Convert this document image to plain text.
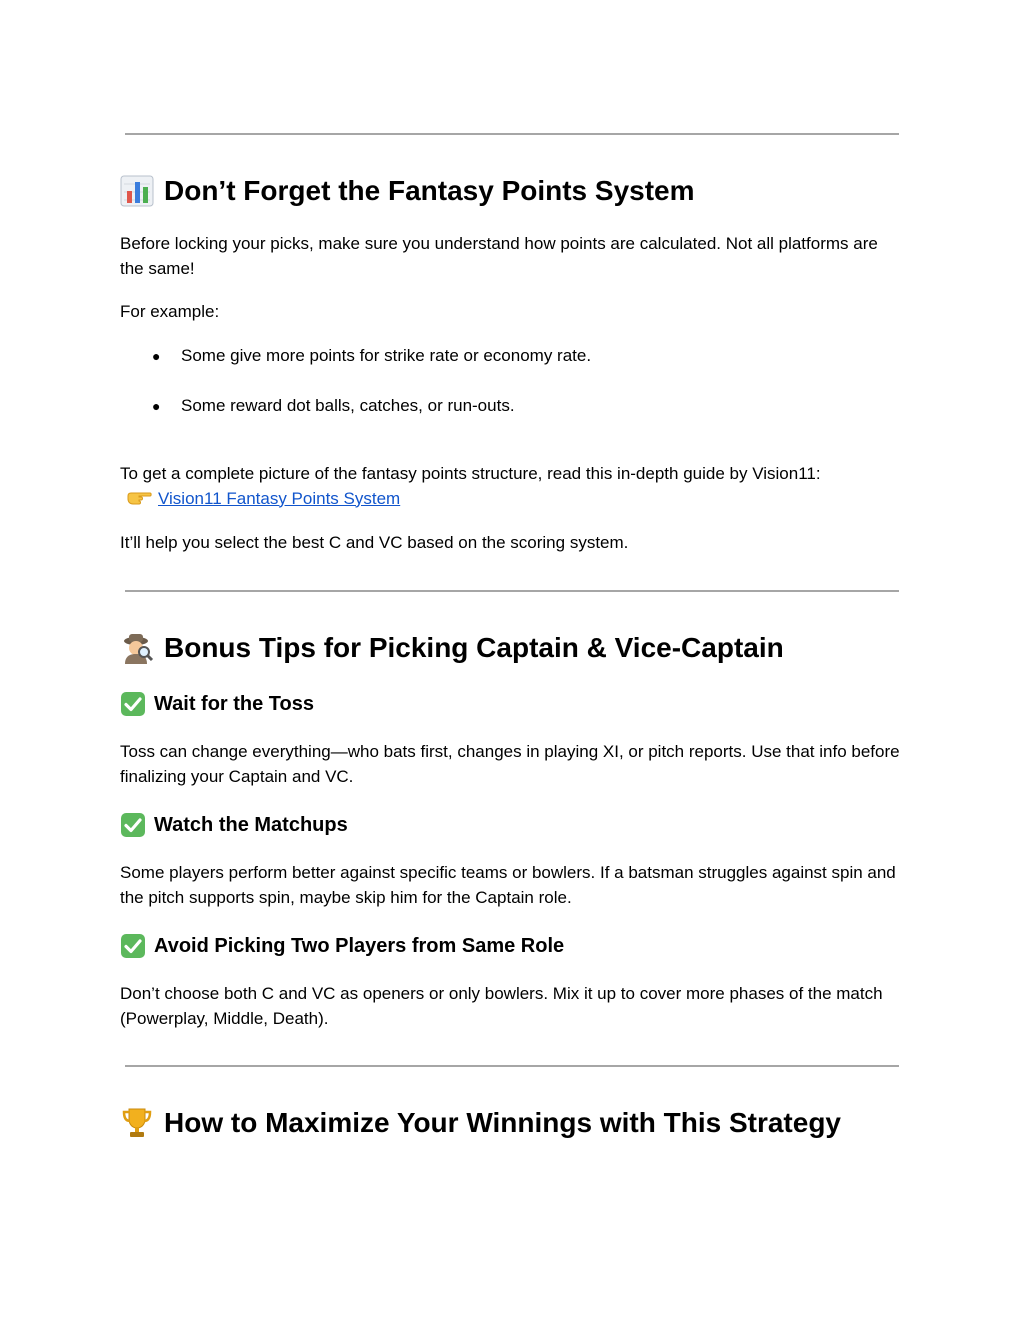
Don’t Forget the Fantasy Points System

Before locking your picks, make sure you understand how points are calculated. Not all platforms are the same!

For example:

● Some give more points for strike rate or economy rate.

● Some reward dot balls, catches, or run-outs.

To get a complete picture of the fantasy points structure, read this in-depth guide by Vision11:
Vision11 Fantasy Points System

It’ll help you select the best C and VC based on the scoring system.

Bonus Tips for Picking Captain & Vice-Captain
Wait for the Toss

Toss can change everything—who bats first, changes in playing XI, or pitch reports. Use that info before finalizing your Captain and VC.

Watch the Matchups

Some players perform better against specific teams or bowlers. If a batsman struggles against spin and the pitch supports spin, maybe skip him for the Captain role.

Avoid Picking Two Players from Same Role

Don’t choose both C and VC as openers or only bowlers. Mix it up to cover more phases of the match (Powerplay, Middle, Death).

How to Maximize Your Winnings with This Strategy
